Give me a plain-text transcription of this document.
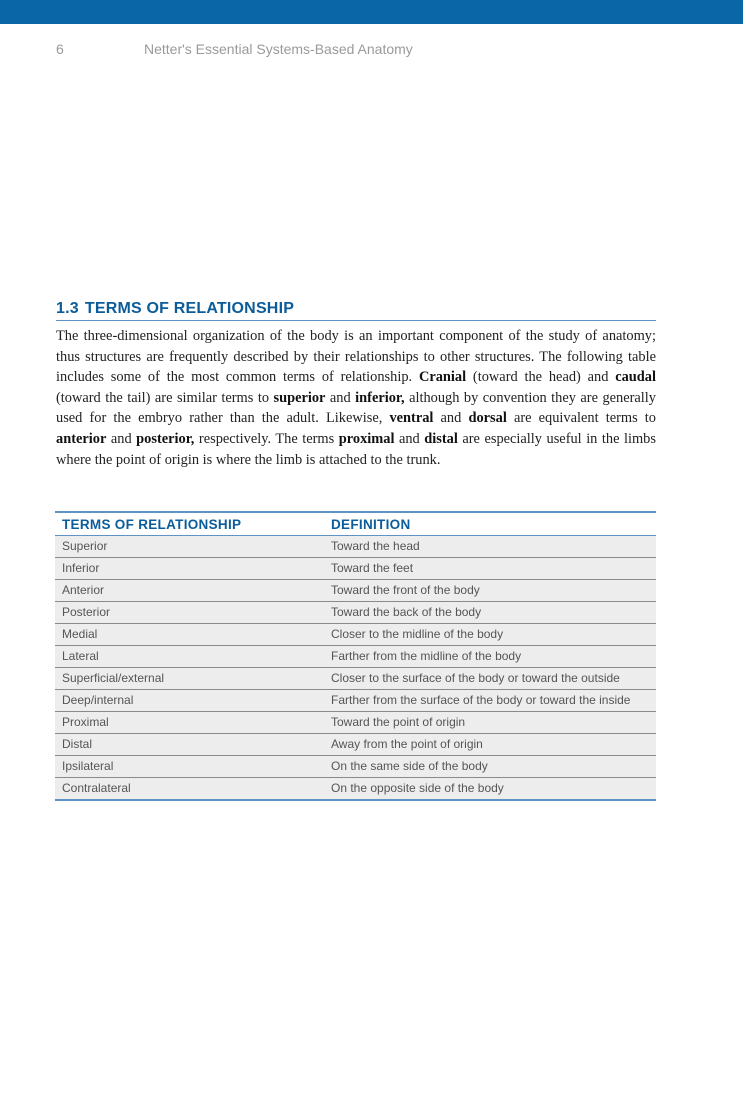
6	Netter's Essential Systems-Based Anatomy
1.3 TERMS OF RELATIONSHIP

The three-dimensional organization of the body is an important component of the study of anatomy; thus structures are frequently described by their relationships to other structures. The following table includes some of the most common terms of relationship. Cranial (toward the head) and caudal (toward the tail) are similar terms to superior and inferior, although by convention they are generally used for the embryo rather than the adult. Likewise, ventral and dorsal are equivalent terms to anterior and posterior, respectively. The terms proximal and distal are especially useful in the limbs where the point of origin is where the limb is attached to the trunk.

TERMS OF RELATIONSHIP	DEFINITION
Superior	Toward the head
Inferior	Toward the feet
Anterior	Toward the front of the body
Posterior	Toward the back of the body
Medial	Closer to the midline of the body
Lateral	Farther from the midline of the body
Superficial/external	Closer to the surface of the body or toward the outside
Deep/internal	Farther from the surface of the body or toward the inside
Proximal	Toward the point of origin
Distal	Away from the point of origin
Ipsilateral	On the same side of the body
Contralateral	On the opposite side of the body
